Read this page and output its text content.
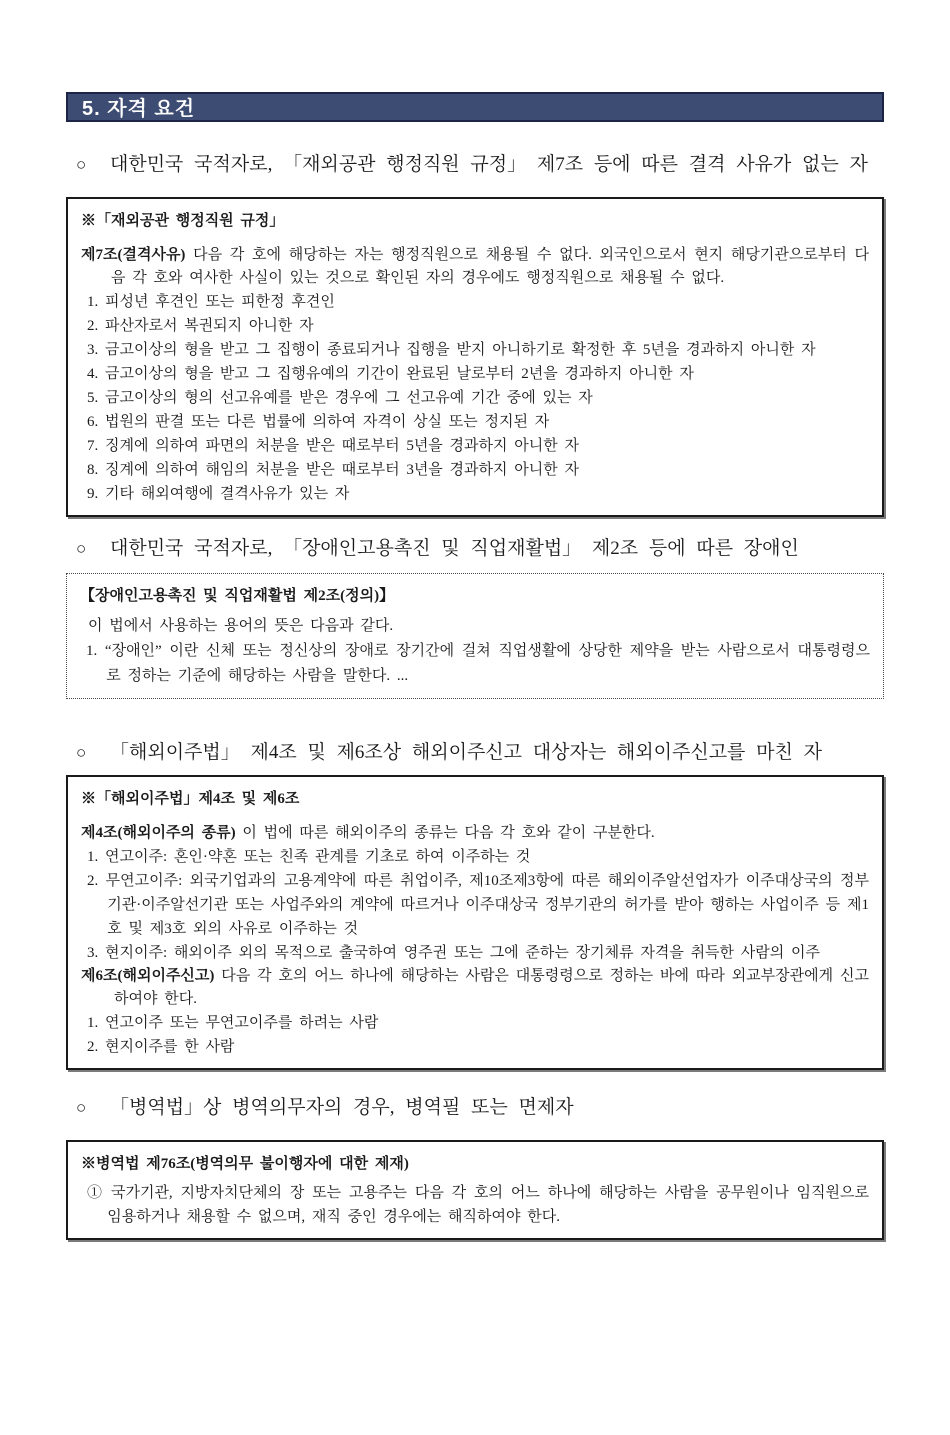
5. 자격 요건
○	대한민국 국적자로, 「재외공관 행정직원 규정」 제7조 등에 따른 결격 사유가 없는 자
※「재외공관 행정직원 규정」

제7조(결격사유) 다음 각 호에 해당하는 자는 행정직원으로 채용될 수 없다. 외국인으로서 현지 해당기관으로부터 다음 각 호와 여사한 사실이 있는 것으로 확인된 자의 경우에도 행정직원으로 채용될 수 없다.

1. 피성년 후견인 또는 피한정 후견인
2. 파산자로서 복권되지 아니한 자
3. 금고이상의 형을 받고 그 집행이 종료되거나 집행을 받지 아니하기로 확정한 후 5년을 경과하지 아니한 자
4. 금고이상의 형을 받고 그 집행유예의 기간이 완료된 날로부터 2년을 경과하지 아니한 자
5. 금고이상의 형의 선고유예를 받은 경우에 그 선고유예 기간 중에 있는 자
6. 법원의 판결 또는 다른 법률에 의하여 자격이 상실 또는 정지된 자
7. 징계에 의하여 파면의 처분을 받은 때로부터 5년을 경과하지 아니한 자
8. 징계에 의하여 해임의 처분을 받은 때로부터 3년을 경과하지 아니한 자
9. 기타 해외여행에 결격사유가 있는 자
○	대한민국 국적자로, 「장애인고용촉진 및 직업재활법」 제2조 등에 따른 장애인
【장애인고용촉진 및 직업재활법 제2조(정의)】

이 법에서 사용하는 용어의 뜻은 다음과 같다.

1. “장애인” 이란 신체 또는 정신상의 장애로 장기간에 걸쳐 직업생활에 상당한 제약을 받는 사람으로서 대통령령으로 정하는 기준에 해당하는 사람을 말한다. ...
○	「해외이주법」 제4조 및 제6조상 해외이주신고 대상자는 해외이주신고를 마친 자
※「해외이주법」제4조 및 제6조

제4조(해외이주의 종류) 이 법에 따른 해외이주의 종류는 다음 각 호와 같이 구분한다.

1. 연고이주: 혼인·약혼 또는 친족 관계를 기초로 하여 이주하는 것
2. 무연고이주: 외국기업과의 고용계약에 따른 취업이주, 제10조제3항에 따른 해외이주알선업자가 이주대상국의 정부기관·이주알선기관 또는 사업주와의 계약에 따르거나 이주대상국 정부기관의 허가를 받아 행하는 사업이주 등 제1호 및 제3호 외의 사유로 이주하는 것
3. 현지이주: 해외이주 외의 목적으로 출국하여 영주권 또는 그에 준하는 장기체류 자격을 취득한 사람의 이주

제6조(해외이주신고) 다음 각 호의 어느 하나에 해당하는 사람은 대통령령으로 정하는 바에 따라 외교부장관에게 신고하여야 한다.

1. 연고이주 또는 무연고이주를 하려는 사람
2. 현지이주를 한 사람
○	「병역법」상 병역의무자의 경우, 병역필 또는 면제자
※병역법 제76조(병역의무 불이행자에 대한 제재)
① 국가기관, 지방자치단체의 장 또는 고용주는 다음 각 호의 어느 하나에 해당하는 사람을 공무원이나 임직원으로 임용하거나 채용할 수 없으며, 재직 중인 경우에는 해직하여야 한다.
